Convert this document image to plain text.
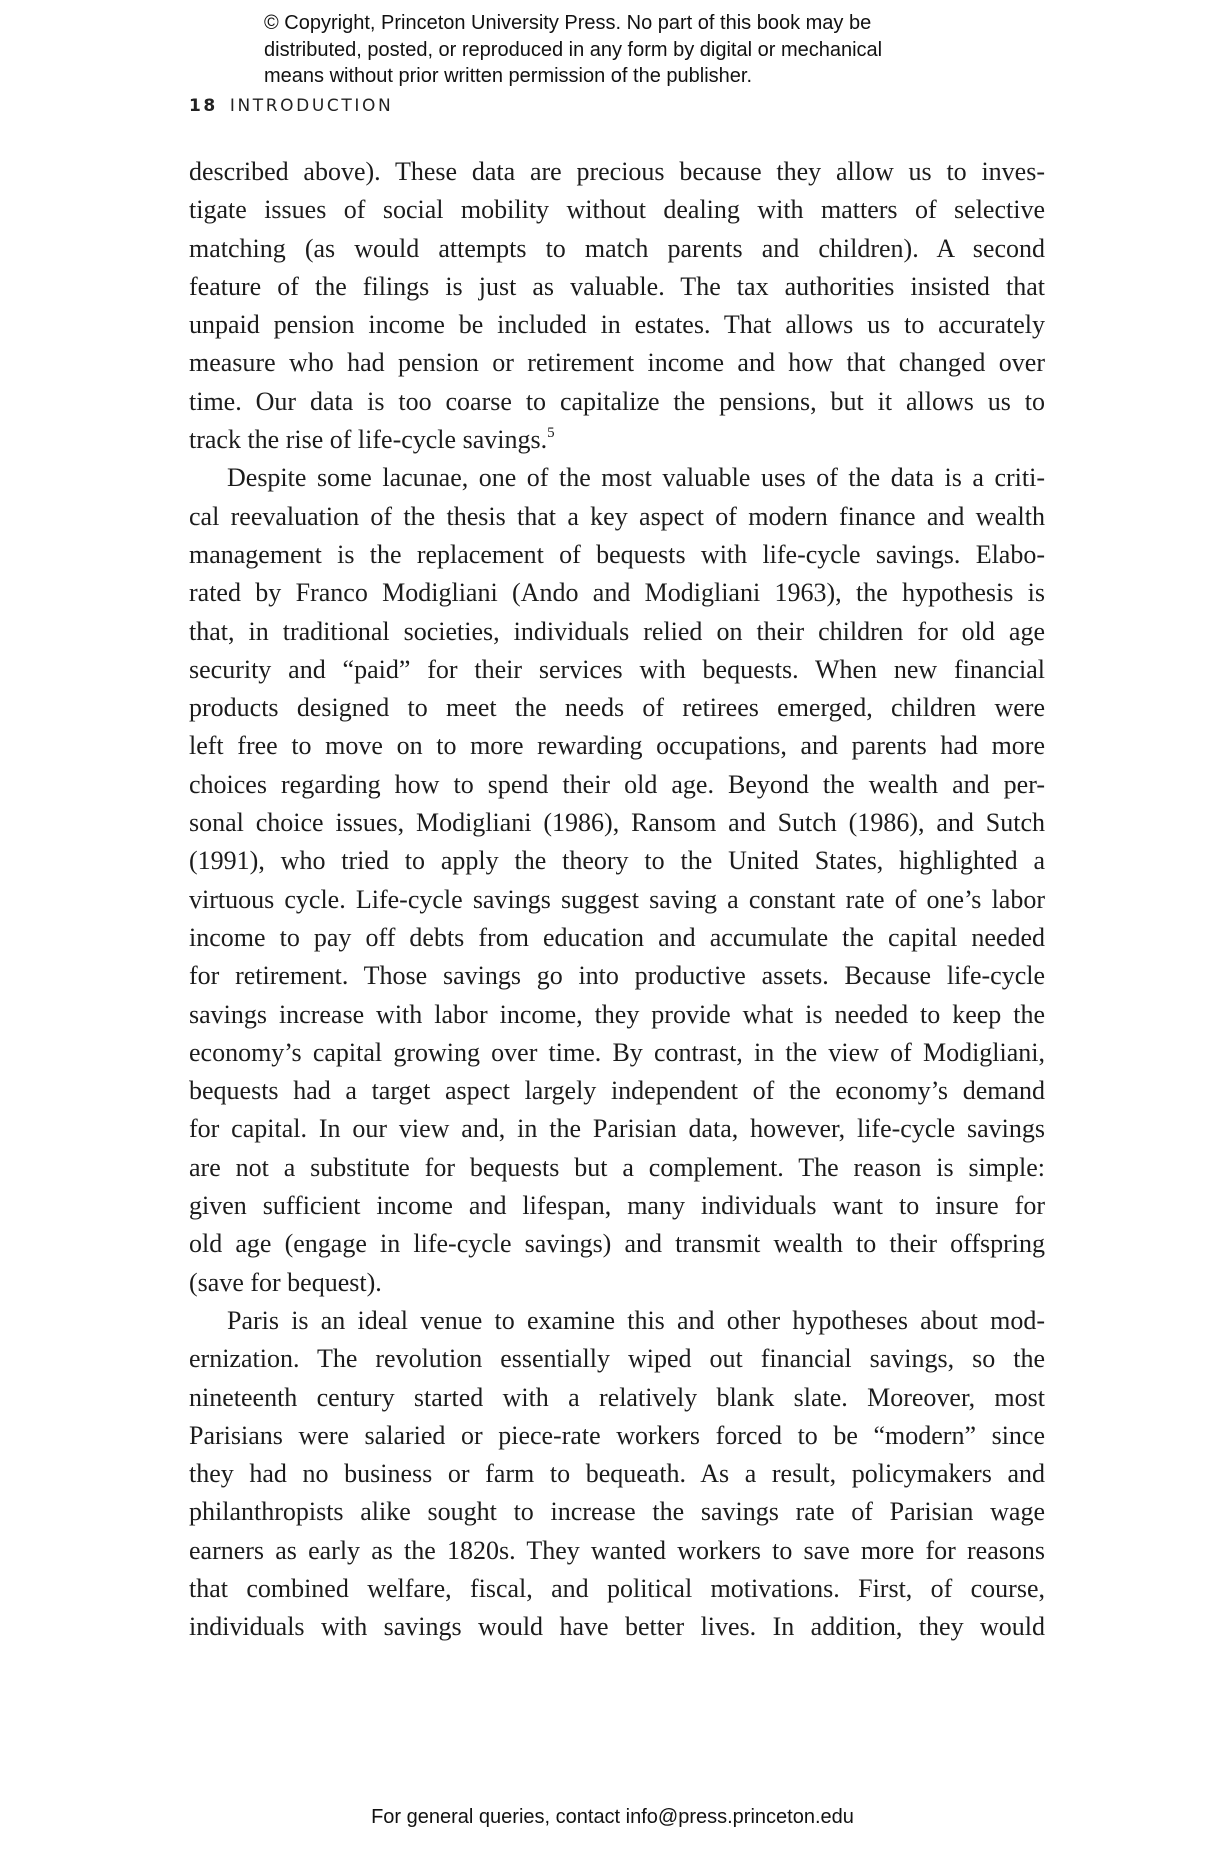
© Copyright, Princeton University Press. No part of this book may be
distributed, posted, or reproduced in any form by digital or mechanical
means without prior written permission of the publisher.
18 INTRODUCTION

described above). These data are precious because they allow us to inves-
tigate issues of social mobility without dealing with matters of selective
matching (as would attempts to match parents and children). A second
feature of the filings is just as valuable. The tax authorities insisted that
unpaid pension income be included in estates. That allows us to accurately
measure who had pension or retirement income and how that changed over
time. Our data is too coarse to capitalize the pensions, but it allows us to
track the rise of life-cycle savings.$^5$

Despite some lacunae, one of the most valuable uses of the data is a criti-
cal reevaluation of the thesis that a key aspect of modern finance and wealth
management is the replacement of bequests with life-cycle savings. Elabo-
rated by Franco Modigliani (Ando and Modigliani 1963), the hypothesis is
that, in traditional societies, individuals relied on their children for old age
security and “paid” for their services with bequests. When new financial
products designed to meet the needs of retirees emerged, children were
left free to move on to more rewarding occupations, and parents had more
choices regarding how to spend their old age. Beyond the wealth and per-
sonal choice issues, Modigliani (1986), Ransom and Sutch (1986), and Sutch
(1991), who tried to apply the theory to the United States, highlighted a
virtuous cycle. Life-cycle savings suggest saving a constant rate of one’s labor
income to pay off debts from education and accumulate the capital needed
for retirement. Those savings go into productive assets. Because life-cycle
savings increase with labor income, they provide what is needed to keep the
economy’s capital growing over time. By contrast, in the view of Modigliani,
bequests had a target aspect largely independent of the economy’s demand
for capital. In our view and, in the Parisian data, however, life-cycle savings
are not a substitute for bequests but a complement. The reason is simple:
given sufficient income and lifespan, many individuals want to insure for
old age (engage in life-cycle savings) and transmit wealth to their offspring
(save for bequest).

Paris is an ideal venue to examine this and other hypotheses about mod-
ernization. The revolution essentially wiped out financial savings, so the
nineteenth century started with a relatively blank slate. Moreover, most
Parisians were salaried or piece-rate workers forced to be “modern” since
they had no business or farm to bequeath. As a result, policymakers and
philanthropists alike sought to increase the savings rate of Parisian wage
earners as early as the 1820s. They wanted workers to save more for reasons
that combined welfare, fiscal, and political motivations. First, of course,
individuals with savings would have better lives. In addition, they would

For general queries, contact info@press.princeton.edu
